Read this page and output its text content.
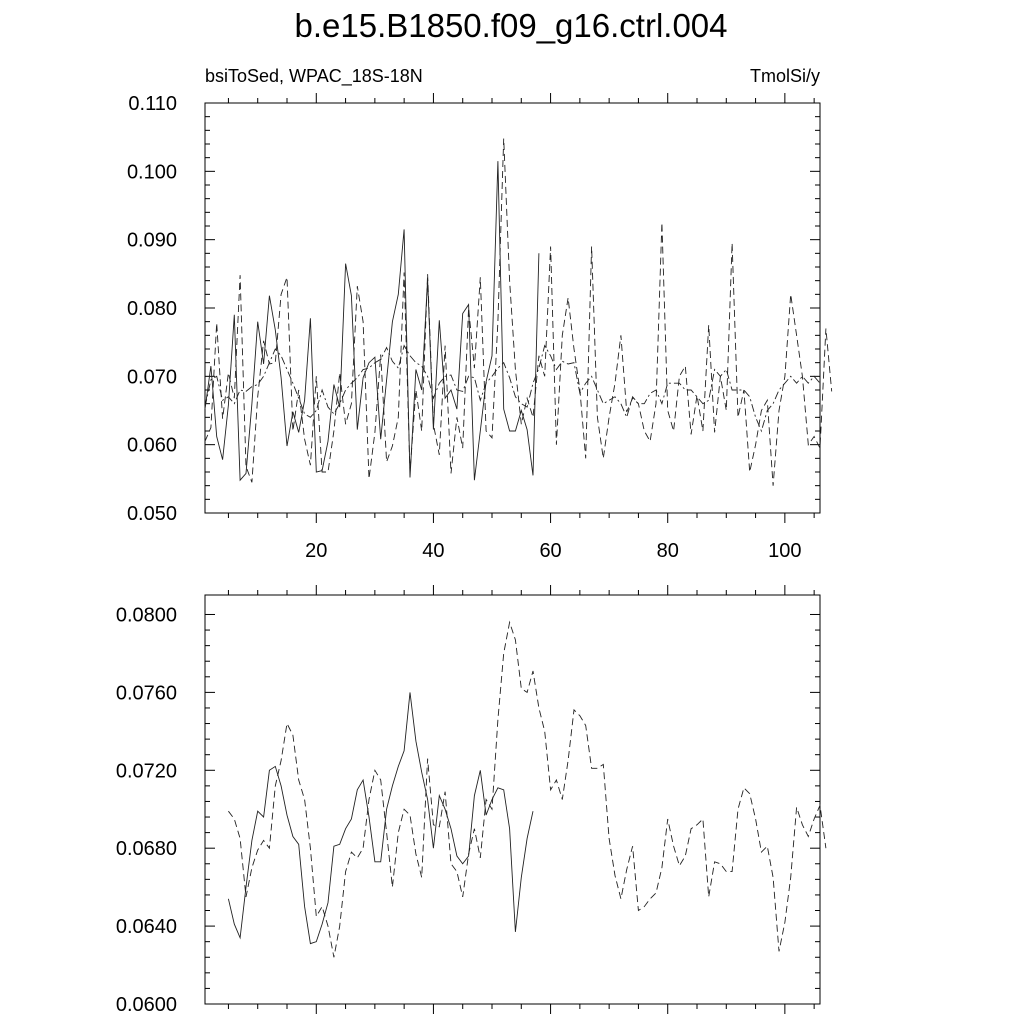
b.e15.B1850.f09_g16.ctrl.004
bsiToSed, WPAC_18S-18N	TmolSi/y
0.050
0.060
0.070
0.080
0.090
0.100
0.110
20	40	60	80	100
0.0600
0.0640
0.0680
0.0720
0.0760
0.0800
